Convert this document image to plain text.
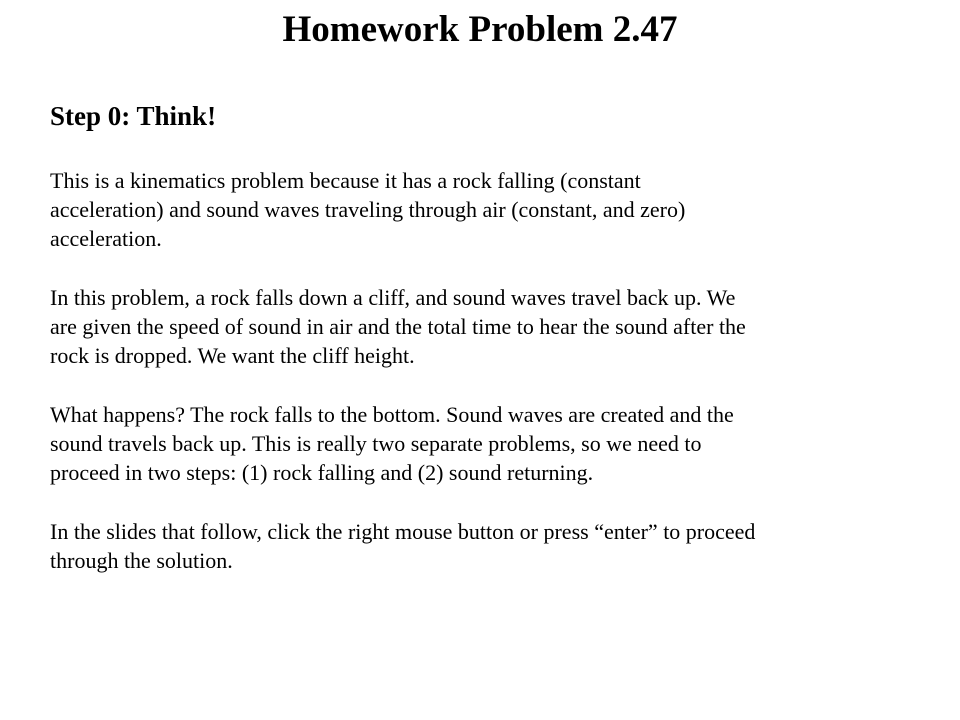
Homework Problem 2.47
Step 0: Think!

This is a kinematics problem because it has a rock falling (constant
acceleration) and sound waves traveling through air (constant, and zero)
acceleration.

In this problem, a rock falls down a cliff, and sound waves travel back up. We
are given the speed of sound in air and the total time to hear the sound after the
rock is dropped. We want the cliff height.

What happens? The rock falls to the bottom. Sound waves are created and the
sound travels back up. This is really two separate problems, so we need to
proceed in two steps: (1) rock falling and (2) sound returning.

In the slides that follow, click the right mouse button or press “enter” to proceed
through the solution.
